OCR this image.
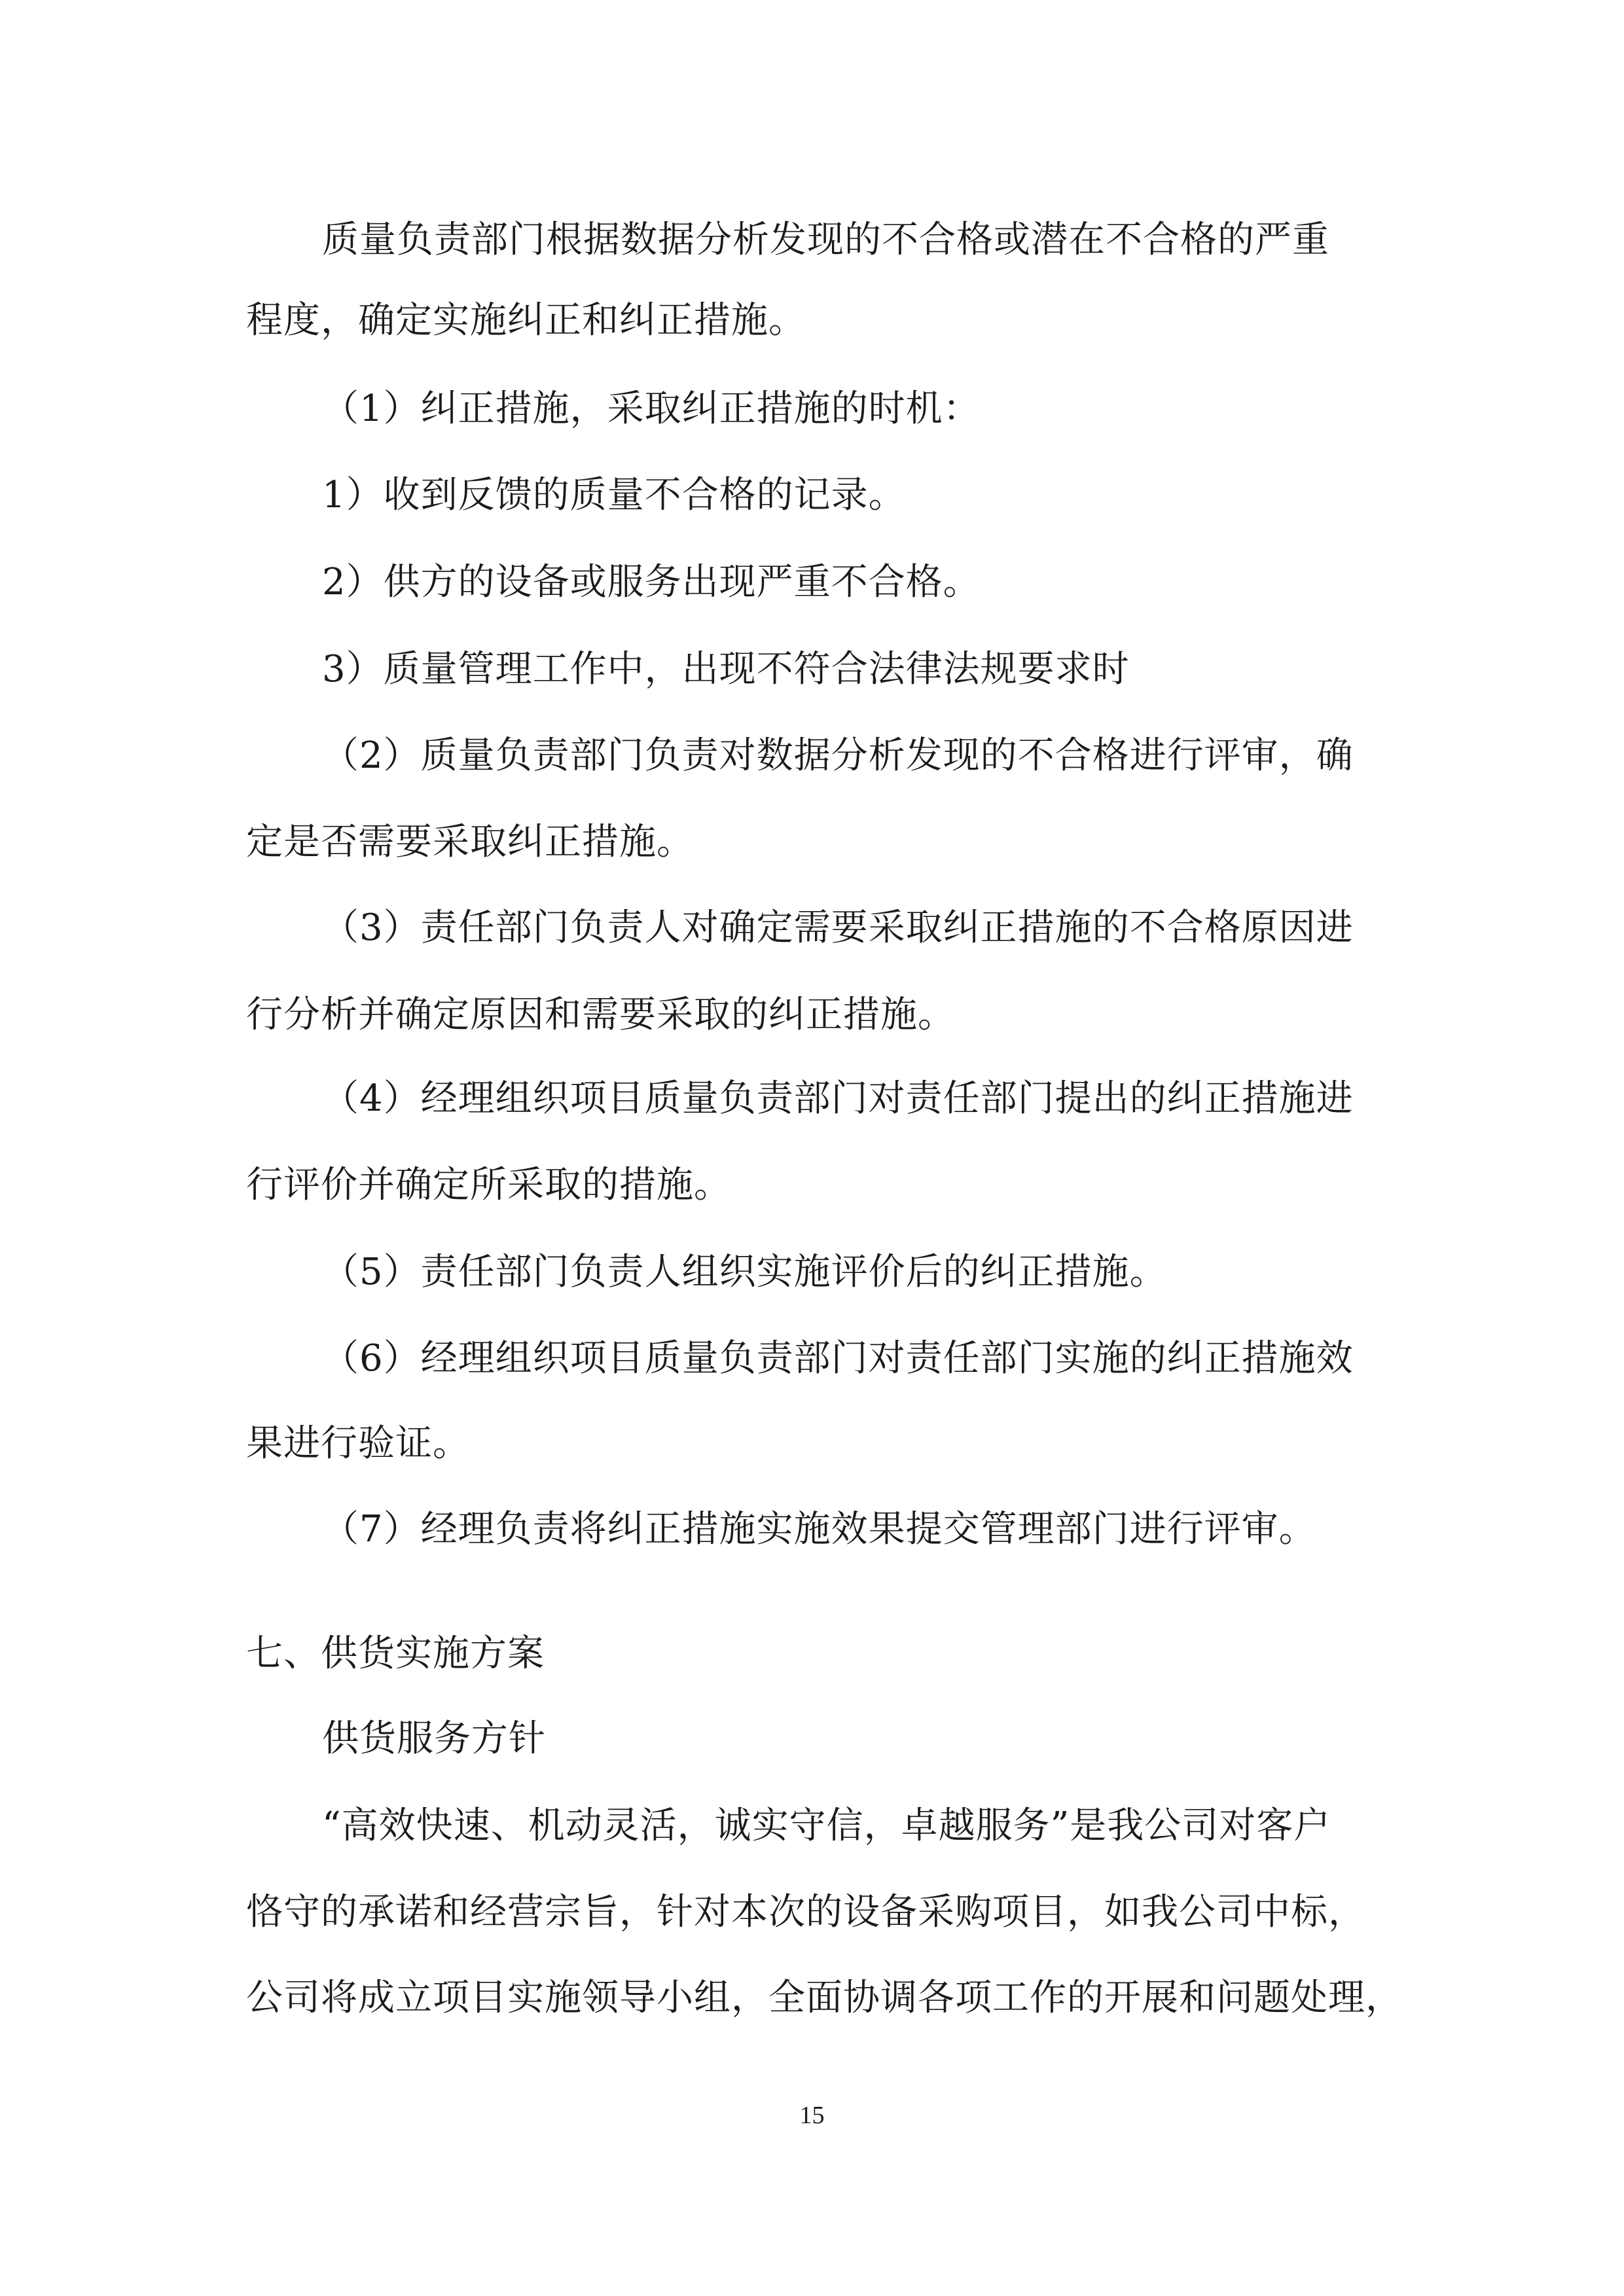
质量负责部门根据数据分析发现的不合格或潜在不合格的严重
程度，确定实施纠正和纠正措施。
（1）纠正措施，采取纠正措施的时机：
1）收到反馈的质量不合格的记录。
2）供方的设备或服务出现严重不合格。
3）质量管理工作中，出现不符合法律法规要求时
（2）质量负责部门负责对数据分析发现的不合格进行评审，确
定是否需要采取纠正措施。
（3）责任部门负责人对确定需要采取纠正措施的不合格原因进
行分析并确定原因和需要采取的纠正措施。
（4）经理组织项目质量负责部门对责任部门提出的纠正措施进
行评价并确定所采取的措施。
（5）责任部门负责人组织实施评价后的纠正措施。
（6）经理组织项目质量负责部门对责任部门实施的纠正措施效
果进行验证。
（7）经理负责将纠正措施实施效果提交管理部门进行评审。
七、供货实施方案
供货服务方针
“高效快速、机动灵活，诚实守信，卓越服务”是我公司对客户
恪守的承诺和经营宗旨，针对本次的设备采购项目，如我公司中标，
公司将成立项目实施领导小组，全面协调各项工作的开展和问题处理，
15
